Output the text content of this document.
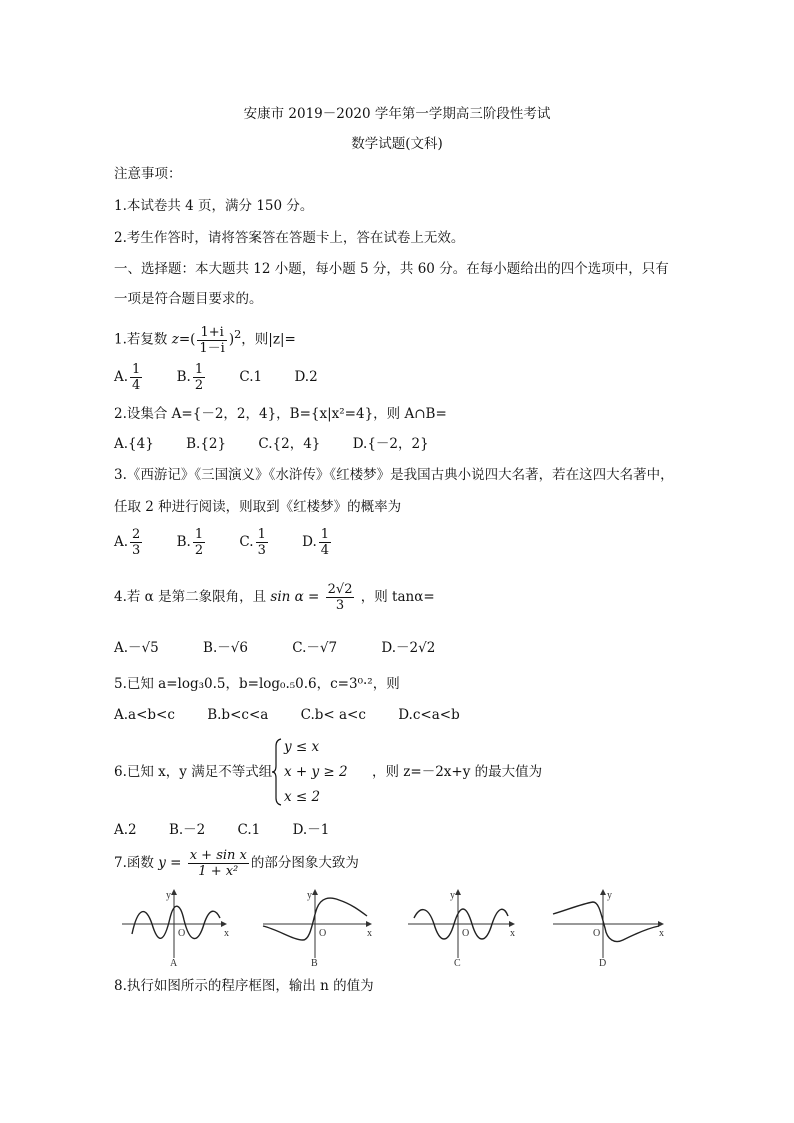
安康市 2019－2020 学年第一学期高三阶段性考试
数学试题(文科)
注意事项：
1.本试卷共 4 页，满分 150 分。
2.考生作答时，请将答案答在答题卡上，答在试卷上无效。
一、选择题：本大题共 12 小题，每小题 5 分，共 60 分。在每小题给出的四个选项中，只有
一项是符合题目要求的。
1.若复数 $z=( \frac{1+i}{1-i} )^2$，则|z|=
A. $\frac{1}{4}$	B. $\frac{1}{2}$	C.1 D.2
2.设集合 A={－2，2，4}，B={x|x²=4}，则 A∩B=
A.{4} B.{2} C.{2，4} D.{－2，2}
3.《西游记》《三国演义》《水浒传》《红楼梦》是我国古典小说四大名著，若在这四大名著中，
任取 2 种进行阅读，则取到《红楼梦》的概率为
A. $\frac{2}{3}$	B. $\frac{1}{2}$	C. $\frac{1}{3}$	D. $\frac{1}{4}$
4.若 α 是第二象限角，且 $\sin \alpha = \frac{2√2}{3}$ ，则 tanα=
A.－√5	B.－√6	C.－√7	D.－2√2
5.已知 a=log₃0.5，b=log₀.₅0.6，c=3⁰·²，则
A.a<b<c B.b<c<a C.b< a<c D.c<a<b
6.已知 x，y 满足不等式组
y ≤ x
x + y ≥ 2
x ≤ 2
，则 z=－2x+y 的最大值为
A.2 B.－2 C.1 D.－1
7.函数 $y = \frac{\text{x + sin x}}{\text{1 + x²}}$ 的部分图象大致为
O	x
y
A
O	x
y
B
O	x
y
C
O	x
y
D
8.执行如图所示的程序框图，输出 n 的值为
